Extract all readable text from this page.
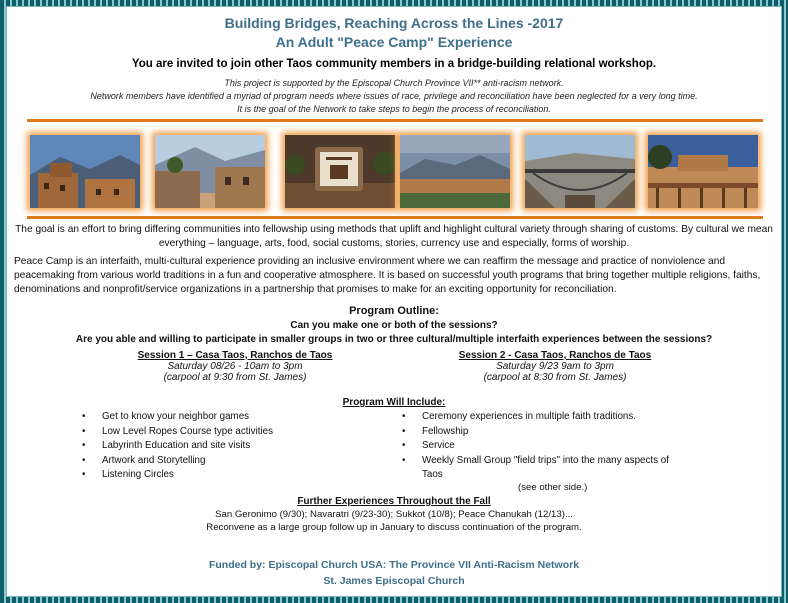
Building Bridges, Reaching Across the Lines -2017
An Adult "Peace Camp" Experience
You are invited to join other Taos community members in a bridge-building relational workshop.
This project is supported by the Episcopal Church Province VII** anti-racism network.
Network members have identified a myriad of program needs where issues of race, privilege and reconciliation have been neglected for a very long time.
It is the goal of the Network to take steps to begin the process of reconciliation.
The goal is an effort to bring differing communities into fellowship using methods that uplift and highlight cultural variety through sharing of customs. By cultural we mean everything – language, arts, food, social customs, stories, currency use and especially, forms of worship.
Peace Camp is an interfaith, multi-cultural experience providing an inclusive environment where we can reaffirm the message and practice of nonviolence and peacemaking from various world traditions in a fun and cooperative atmosphere. It is based on successful youth programs that bring together multiple religions, faiths, denominations and nonprofit/service organizations in a partnership that promises to make for an exciting opportunity for reconciliation.
Program Outline:
Can you make one or both of the sessions?
Are you able and willing to participate in smaller groups in two or three cultural/multiple interfaith experiences between the sessions?
Session 1 – Casa Taos, Ranchos de Taos
Saturday 08/26 - 10am to 3pm
(carpool at 9:30 from St. James)
Session 2 - Casa Taos, Ranchos de Taos
Saturday 9/23 9am to 3pm
(carpool at 8:30 from St. James)
Program Will Include:
• Get to know your neighbor games
• Low Level Ropes Course type activities
• Labyrinth Education and site visits
• Artwork and Storytelling
• Listening Circles
• Ceremony experiences in multiple faith traditions.
• Fellowship
• Service
• Weekly Small Group "field trips" into the many aspects of Taos
(see other side.)
Further Experiences Throughout the Fall
San Geronimo (9/30); Navaratri (9/23-30); Sukkot (10/8); Peace Chanukah (12/13)...
Reconvene as a large group follow up in January to discuss continuation of the program.
Funded by: Episcopal Church USA: The Province VII Anti-Racism Network
St. James Episcopal Church
